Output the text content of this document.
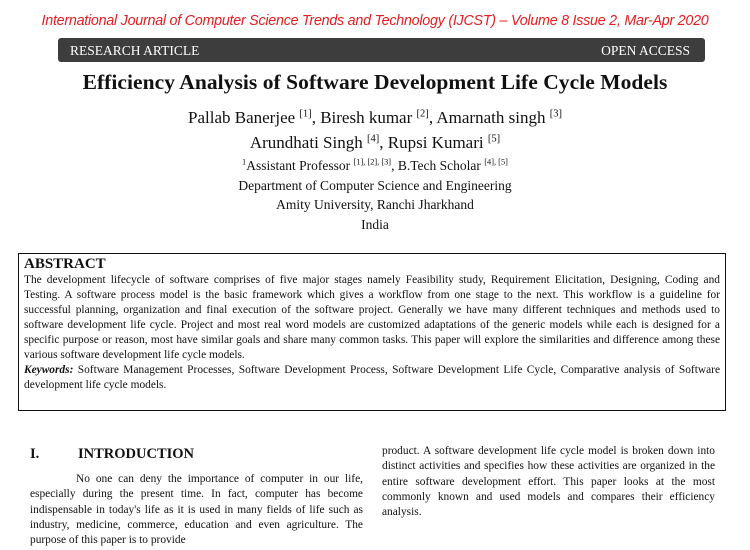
International Journal of Computer Science Trends and Technology (IJCST) – Volume 8 Issue 2, Mar-Apr 2020
RESEARCH ARTICLE	OPEN ACCESS
Efficiency Analysis of Software Development Life Cycle Models
Pallab Banerjee [1], Biresh kumar [2], Amarnath singh [3]
Arundhati Singh [4], Rupsi Kumari [5]
$^1$Assistant Professor [1], [2], [3], B.Tech Scholar [4], [5]
Department of Computer Science and Engineering
Amity University, Ranchi Jharkhand
India
ABSTRACT

The development lifecycle of software comprises of five major stages namely Feasibility study, Requirement Elicitation, Designing, Coding and Testing. A software process model is the basic framework which gives a workflow from one stage to the next. This workflow is a guideline for successful planning, organization and final execution of the software project. Generally we have many different techniques and methods used to software development life cycle. Project and most real word models are customized adaptations of the generic models while each is designed for a specific purpose or reason, most have similar goals and share many common tasks. This paper will explore the similarities and difference among these various software development life cycle models.

Keywords: Software Management Processes, Software Development Process, Software Development Life Cycle, Comparative analysis of Software development life cycle models.

I.	INTRODUCTION

No one can deny the importance of computer in our life, especially during the present time. In fact, computer has become indispensable in today's life as it is used in many fields of life such as industry, medicine, commerce, education and even agriculture. The purpose of this paper is to provide

product. A software development life cycle model is broken down into distinct activities and specifies how these activities are organized in the entire software development effort. This paper looks at the most commonly known and used models and compares their efficiency analysis.
